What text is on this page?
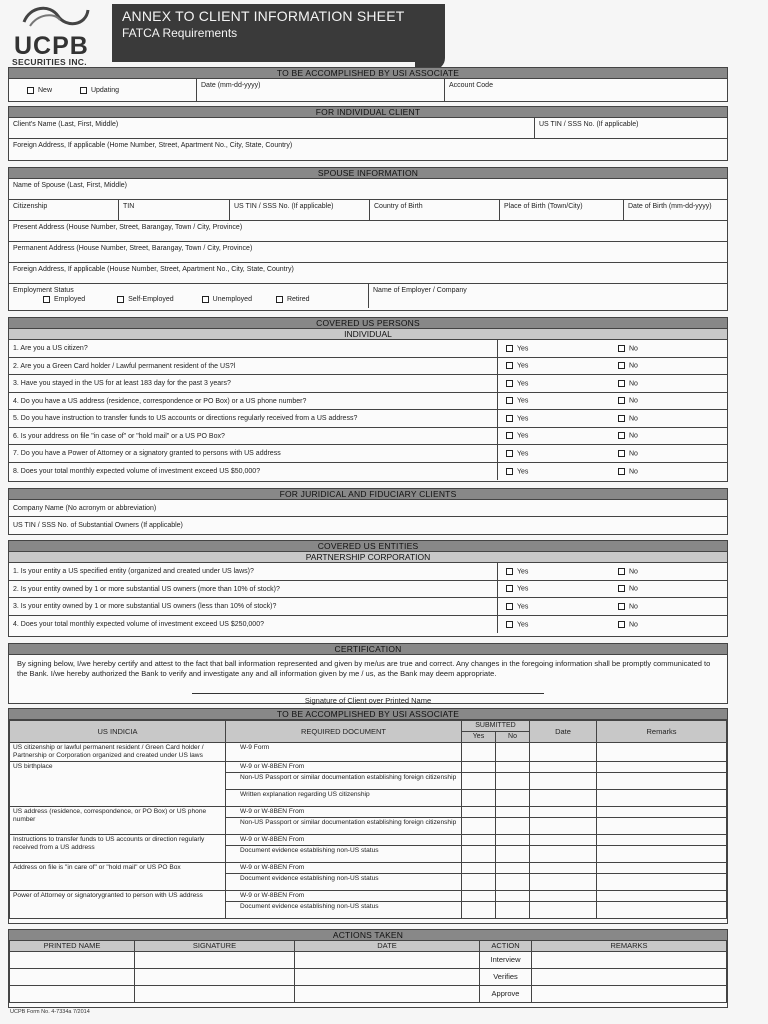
UCPB
SECURITIES INC.
ANNEX TO CLIENT INFORMATION SHEET
FATCA Requirements
TO BE ACCOMPLISHED BY USI ASSOCIATE
New	Updating
Date (mm-dd-yyyy)	Account Code
FOR INDIVIDUAL CLIENT
Client's Name (Last, First, Middle)	US TIN / SSS No. (If applicable)
Foreign Address, If applicable (Home Number, Street, Apartment No., City, State, Country)
SPOUSE INFORMATION
Name of Spouse (Last, First, Middle)
Citizenship	TIN	US TIN / SSS No. (If applicable)	Country of Birth	Place of Birth (Town/City)	Date of Birth (mm-dd-yyyy)
Present Address (House Number, Street, Barangay, Town / City, Province)
Permanent Address (House Number, Street, Barangay, Town / City, Province)
Foreign Address, If applicable (House Number, Street, Apartment No., City, State, Country)
Employment Status
Employed	Self-Employed	Unemployed	Retired
Name of Employer / Company
COVERED US PERSONS
INDIVIDUAL
1. Are you a US citizen?	Yes	No
2. Are you a Green Card holder / Lawful permanent resident of the US?l	Yes	No
3. Have you stayed in the US for at least 183 day for the past 3 years?	Yes	No
4. Do you have a US address (residence, correspondence or PO Box) or a US phone number?	Yes	No
5. Do you have instruction to transfer funds to US accounts or directions regularly received from a US address?	Yes	No
6. Is your address on file "in case of" or "hold mail" or a US PO Box?	Yes	No
7. Do you have a Power of Attorney or a signatory granted to persons with US address	Yes	No
8. Does your total monthly expected volume of investment exceed US $50,000?	Yes	No
FOR JURIDICAL AND FIDUCIARY CLIENTS
Company Name (No acronym or abbreviation)
US TIN / SSS No. of Substantial Owners (If applicable)
COVERED US ENTITIES
PARTNERSHIP CORPORATION
1. Is your entity a US specified entity (organized and created under US laws)?	Yes	No
2. Is your entity owned by 1 or more substantial US owners (more than 10% of stock)?	Yes	No
3. Is your entity owned by 1 or more substantial US owners (less than 10% of stock)?	Yes	No
4. Does your total monthly expected volume of investment exceed US $250,000?	Yes	No
CERTIFICATION
By signing below, I/we hereby certify and attest to the fact that ball information represented and given by me/us are true and correct. Any changes in the foregoing information shall be promptly communicated to the Bank. I/we hereby authorized the Bank to verify and investigate any and all information given by me / us, as the Bank may deem appropriate.
Signature of Client over Printed Name
TO BE ACCOMPLISHED BY USI ASSOCIATE
US INDICIA	REQUIRED DOCUMENT	SUBMITTED		Date	Remarks
		Yes	No		
US citizenship or lawful permanent resident / Green Card holder / Partnership or Corporation organized and created under US laws	W-9 Form				
US birthplace	W-9 or W-8BEN From				
	Non-US Passport or similar documentation establishing foreign citizenship				
	Written explanation regarding US citizenship				
US address (residence, correspondence, or PO Box) or US phone number	W-9 or W-8BEN From				
	Non-US Passport or similar documentation establishing foreign citizenship				
Instructions to transfer funds to US accounts or direction regularly received from a US address	W-9 or W-8BEN From				
	Document evidence establishing non-US status				
Address on file is "in care of" or "hold mail" or US PO Box	W-9 or W-8BEN From				
	Document evidence establishing non-US status				
Power of Attorney or signatorygranted to person with US address	W-9 or W-8BEN From				
	Document evidence establishing non-US status				
ACTIONS TAKEN
PRINTED NAME	SIGNATURE	DATE	ACTION	REMARKS
			Interview	
			Verifies	
			Approve	
UCPB Form No. 4-7334a 7/2014
